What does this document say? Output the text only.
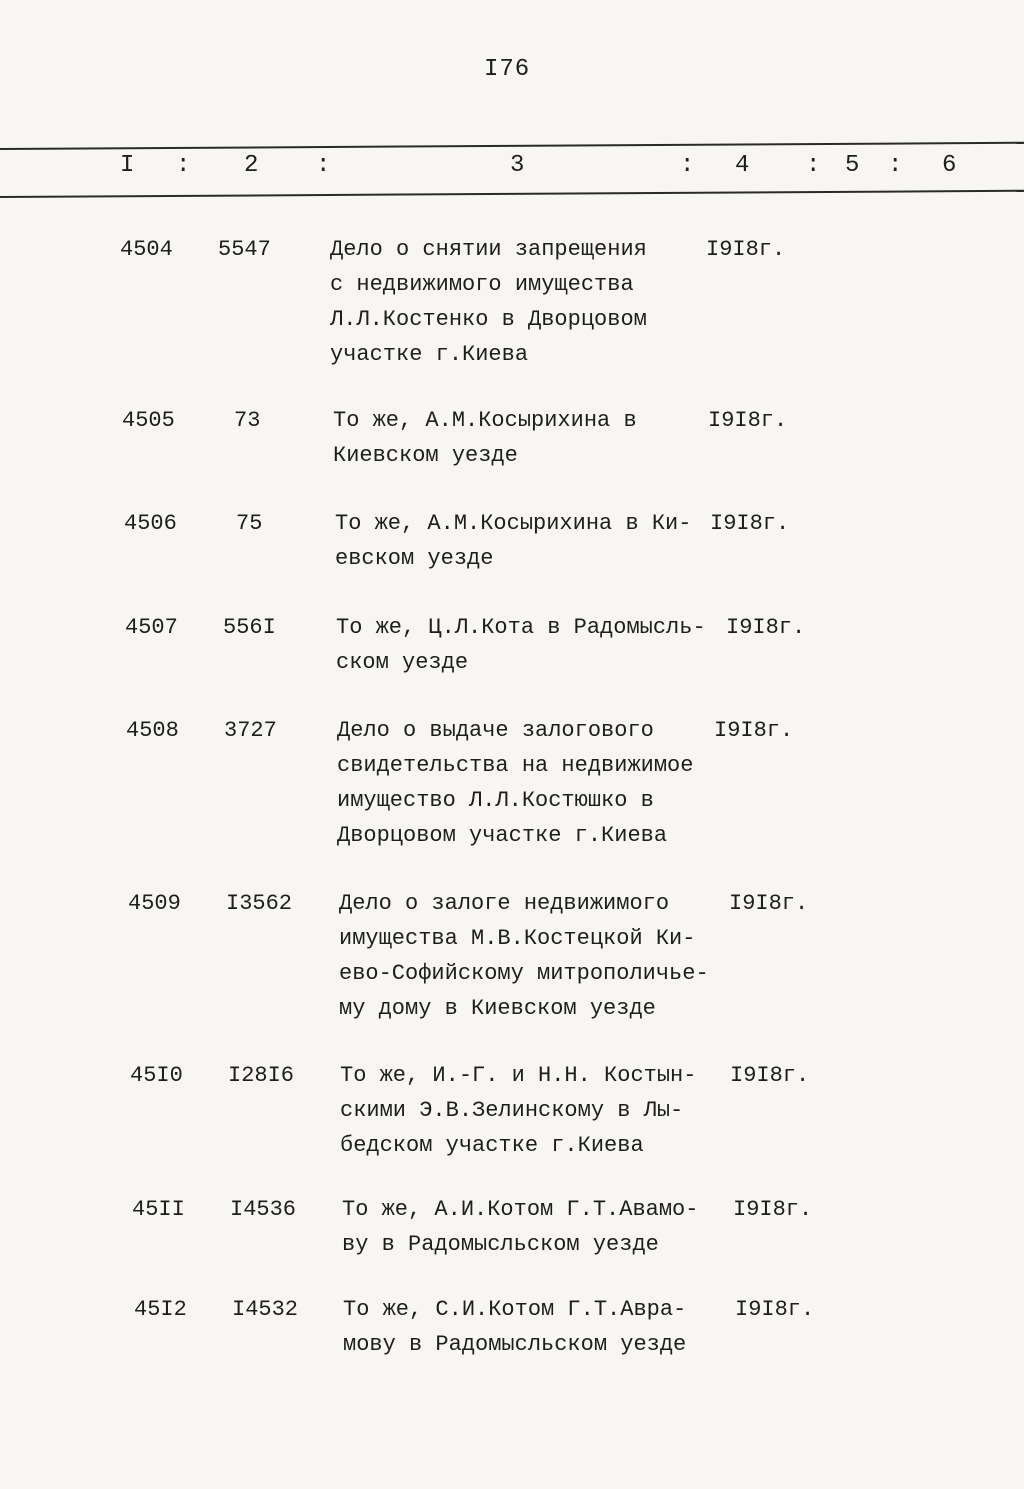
I76
I : 2 :	3	: 4 : 5 : 6
4504	5547	Дело о снятии запрещения
с недвижимого имущества
Л.Л.Костенко в Дворцовом
участке г.Киева
I9I8г.
4505	73	То же, А.М.Косырихина в
Киевском уезде
I9I8г.
4506	75	То же, А.М.Косырихина в Ки-
евском уезде
I9I8г.
4507	556I	То же, Ц.Л.Кота в Радомысль-
ском уезде
I9I8г.
4508	3727	Дело о выдаче залогового
свидетельства на недвижимое
имущество Л.Л.Костюшко в
Дворцовом участке г.Киева
I9I8г.
4509	I3562	Дело о залоге недвижимого
имущества М.В.Костецкой Ки-
ево-Софийскому митрополичье-
му дому в Киевском уезде
I9I8г.
45I0	I28I6	То же, И.-Г. и Н.Н. Костын-
скими Э.В.Зелинскому в Лы-
бедском участке г.Киева
I9I8г.
45II	I4536	То же, А.И.Котом Г.Т.Авамо-
ву в Радомысльском уезде
I9I8г.
45I2	I4532	То же, С.И.Котом Г.Т.Авра-
мову в Радомысльском уезде
I9I8г.
